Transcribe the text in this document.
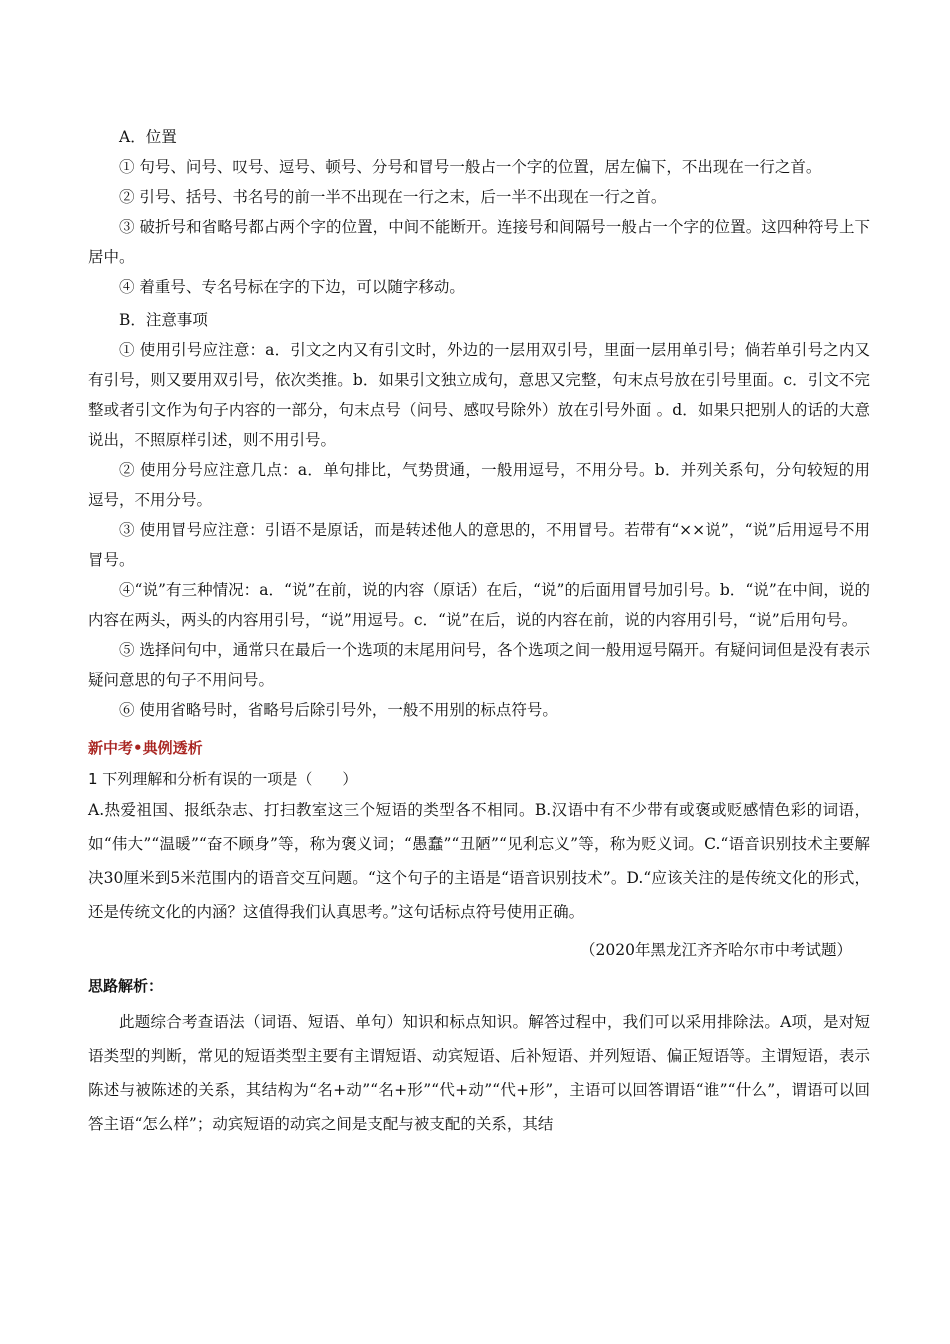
A．位置

① 句号、问号、叹号、逗号、顿号、分号和冒号一般占一个字的位置，居左偏下，不出现在一行之首。

② 引号、括号、书名号的前一半不出现在一行之末，后一半不出现在一行之首。

③ 破折号和省略号都占两个字的位置，中间不能断开。连接号和间隔号一般占一个字的位置。这四种符号上下居中。

④ 着重号、专名号标在字的下边，可以随字移动。

B．注意事项

① 使用引号应注意：a．引文之内又有引文时，外边的一层用双引号，里面一层用单引号；倘若单引号之内又有引号，则又要用双引号，依次类推。b．如果引文独立成句，意思又完整，句末点号放在引号里面。c．引文不完整或者引文作为句子内容的一部分，句末点号（问号、感叹号除外）放在引号外面 。d．如果只把别人的话的大意说出，不照原样引述，则不用引号。

② 使用分号应注意几点：a．单句排比，气势贯通，一般用逗号，不用分号。b．并列关系句，分句较短的用逗号，不用分号。

③ 使用冒号应注意：引语不是原话，而是转述他人的意思的，不用冒号。若带有“××说”，“说”后用逗号不用冒号。

④“说”有三种情况：a．“说”在前，说的内容（原话）在后，“说”的后面用冒号加引号。b．“说”在中间，说的内容在两头，两头的内容用引号，“说”用逗号。c．“说”在后，说的内容在前，说的内容用引号，“说”后用句号。

⑤ 选择问句中，通常只在最后一个选项的末尾用问号，各个选项之间一般用逗号隔开。有疑问词但是没有表示疑问意思的句子不用问号。

⑥ 使用省略号时，省略号后除引号外，一般不用别的标点符号。

新中考•典例透析

1 下列理解和分析有误的一项是（　　）

A.热爱祖国、报纸杂志、打扫教室这三个短语的类型各不相同。B.汉语中有不少带有或褒或贬感情色彩的词语，如“伟大”“温暖”“奋不顾身”等，称为褒义词；“愚蠢”“丑陋”“见利忘义”等，称为贬义词。C.“语音识别技术主要解决30厘米到5米范围内的语音交互问题。“这个句子的主语是“语音识别技术”。D.“应该关注的是传统文化的形式，还是传统文化的内涵？这值得我们认真思考。”这句话标点符号使用正确。

（2020年黑龙江齐齐哈尔市中考试题）

思路解析：

此题综合考查语法（词语、短语、单句）知识和标点知识。解答过程中，我们可以采用排除法。A项，是对短语类型的判断，常见的短语类型主要有主谓短语、动宾短语、后补短语、并列短语、偏正短语等。主谓短语，表示陈述与被陈述的关系，其结构为“名+动”“名+形”“代+动”“代+形”，主语可以回答谓语“谁”“什么”，谓语可以回答主语“怎么样”；动宾短语的动宾之间是支配与被支配的关系，其结
